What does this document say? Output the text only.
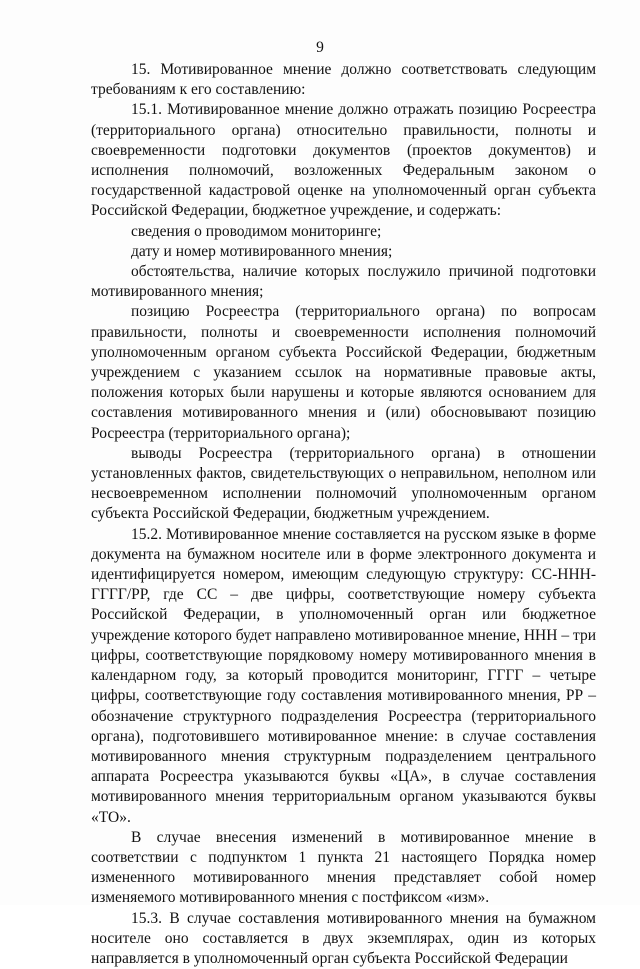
9

15. Мотивированное мнение должно соответствовать следующим требованиям к его составлению:

15.1. Мотивированное мнение должно отражать позицию Росреестра (территориального органа) относительно правильности, полноты и своевременности подготовки документов (проектов документов) и исполнения полномочий, возложенных Федеральным законом о государственной кадастровой оценке на уполномоченный орган субъекта Российской Федерации, бюджетное учреждение, и содержать:

сведения о проводимом мониторинге;

дату и номер мотивированного мнения;

обстоятельства, наличие которых послужило причиной подготовки мотивированного мнения;

позицию Росреестра (территориального органа) по вопросам правильности, полноты и своевременности исполнения полномочий уполномоченным органом субъекта Российской Федерации, бюджетным учреждением с указанием ссылок на нормативные правовые акты, положения которых были нарушены и которые являются основанием для составления мотивированного мнения и (или) обосновывают позицию Росреестра (территориального органа);

выводы Росреестра (территориального органа) в отношении установленных фактов, свидетельствующих о неправильном, неполном или несвоевременном исполнении полномочий уполномоченным органом субъекта Российской Федерации, бюджетным учреждением.

15.2. Мотивированное мнение составляется на русском языке в форме документа на бумажном носителе или в форме электронного документа и идентифицируется номером, имеющим следующую структуру: СС-ННН-ГГГГ/РР, где СС – две цифры, соответствующие номеру субъекта Российской Федерации, в уполномоченный орган или бюджетное учреждение которого будет направлено мотивированное мнение, ННН – три цифры, соответствующие порядковому номеру мотивированного мнения в календарном году, за который проводится мониторинг, ГГГГ – четыре цифры, соответствующие году составления мотивированного мнения, РР – обозначение структурного подразделения Росреестра (территориального органа), подготовившего мотивированное мнение: в случае составления мотивированного мнения структурным подразделением центрального аппарата Росреестра указываются буквы «ЦА», в случае составления мотивированного мнения территориальным органом указываются буквы «ТО».

В случае внесения изменений в мотивированное мнение в соответствии с подпунктом 1 пункта 21 настоящего Порядка номер измененного мотивированного мнения представляет собой номер изменяемого мотивированного мнения с постфиксом «изм».

15.3. В случае составления мотивированного мнения на бумажном носителе оно составляется в двух экземплярах, один из которых направляется в уполномоченный орган субъекта Российской Федерации
